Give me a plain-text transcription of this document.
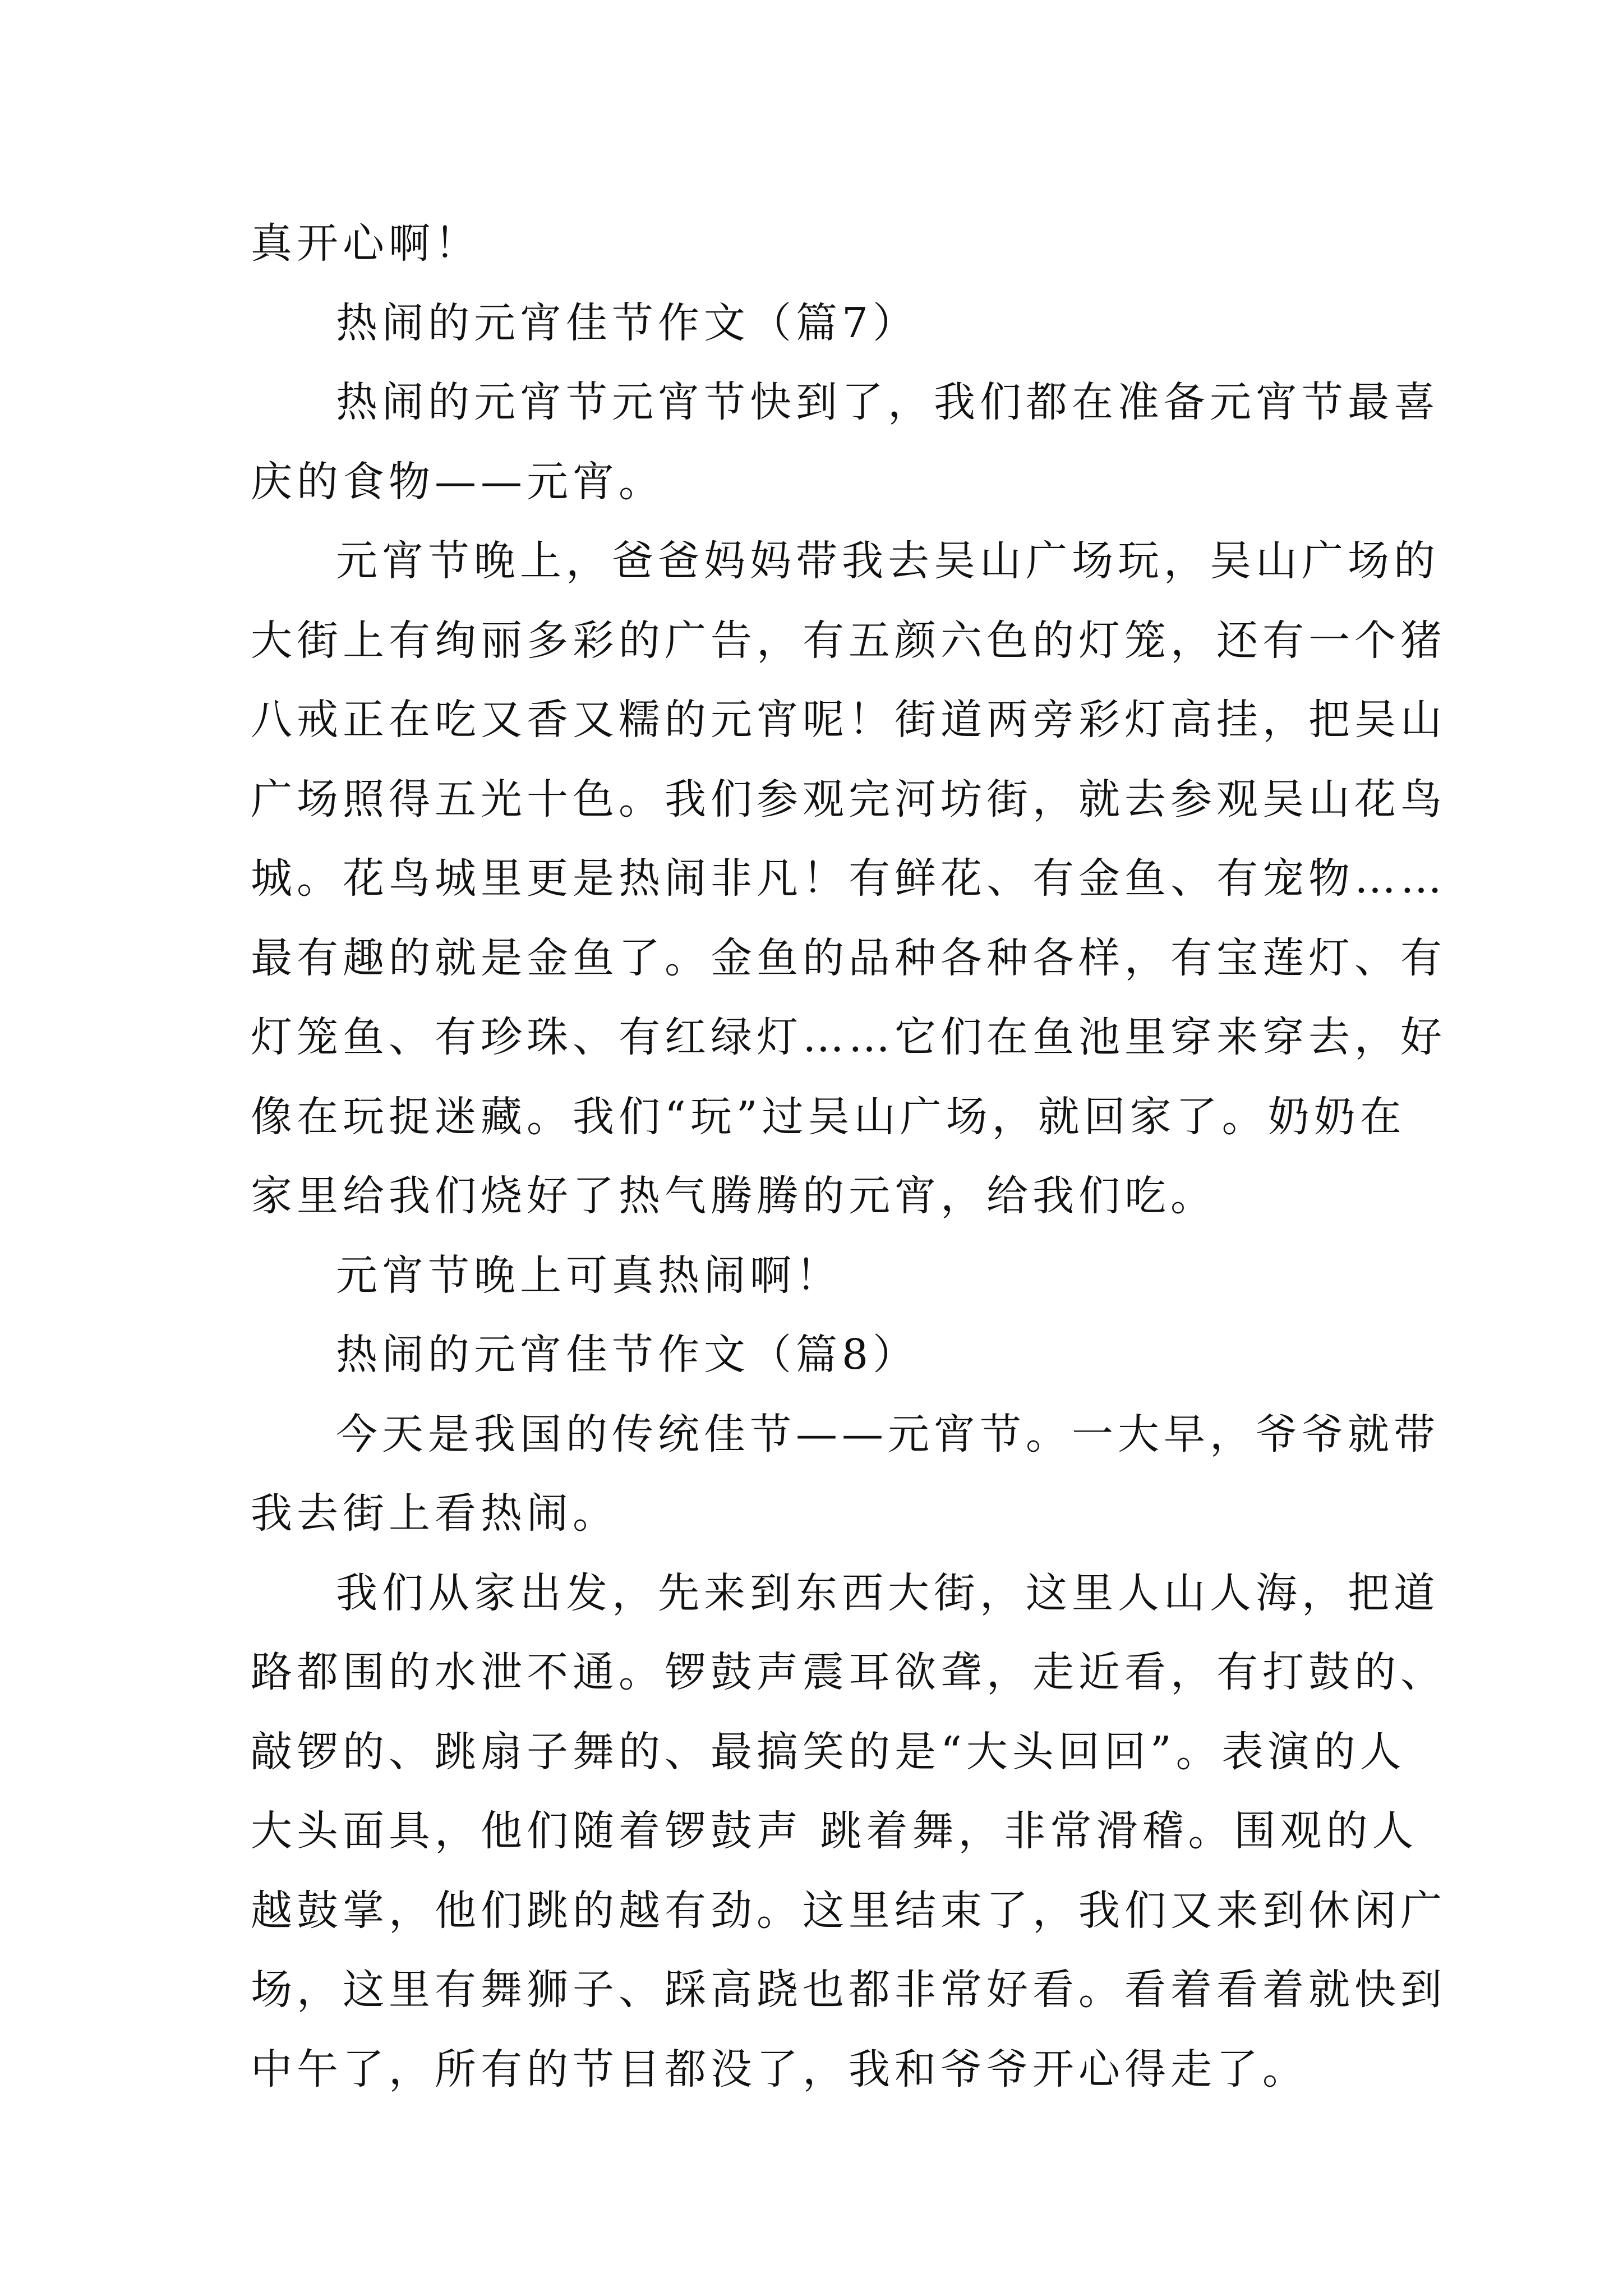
真开心啊！
热闹的元宵佳节作文（篇7）
热闹的元宵节元宵节快到了，我们都在准备元宵节最喜
庆的食物——元宵。
元宵节晚上，爸爸妈妈带我去吴山广场玩，吴山广场的
大街上有绚丽多彩的广告，有五颜六色的灯笼，还有一个猪
八戒正在吃又香又糯的元宵呢！街道两旁彩灯高挂，把吴山
广场照得五光十色。我们参观完河坊街，就去参观吴山花鸟
城。花鸟城里更是热闹非凡！有鲜花、有金鱼、有宠物……
最有趣的就是金鱼了。金鱼的品种各种各样，有宝莲灯、有
灯笼鱼、有珍珠、有红绿灯……它们在鱼池里穿来穿去，好
像在玩捉迷藏。我们“玩”过吴山广场，就回家了。奶奶在
家里给我们烧好了热气腾腾的元宵，给我们吃。
元宵节晚上可真热闹啊！
热闹的元宵佳节作文（篇8）
今天是我国的传统佳节——元宵节。一大早，爷爷就带
我去街上看热闹。
我们从家出发，先来到东西大街，这里人山人海，把道
路都围的水泄不通。锣鼓声震耳欲聋，走近看，有打鼓的、
敲锣的、跳扇子舞的、最搞笑的是“大头回回”。表演的人
大头面具，他们随着锣鼓声 跳着舞，非常滑稽。围观的人
越鼓掌，他们跳的越有劲。这里结束了，我们又来到休闲广
场，这里有舞狮子、踩高跷也都非常好看。看着看着就快到
中午了，所有的节目都没了，我和爷爷开心得走了。
